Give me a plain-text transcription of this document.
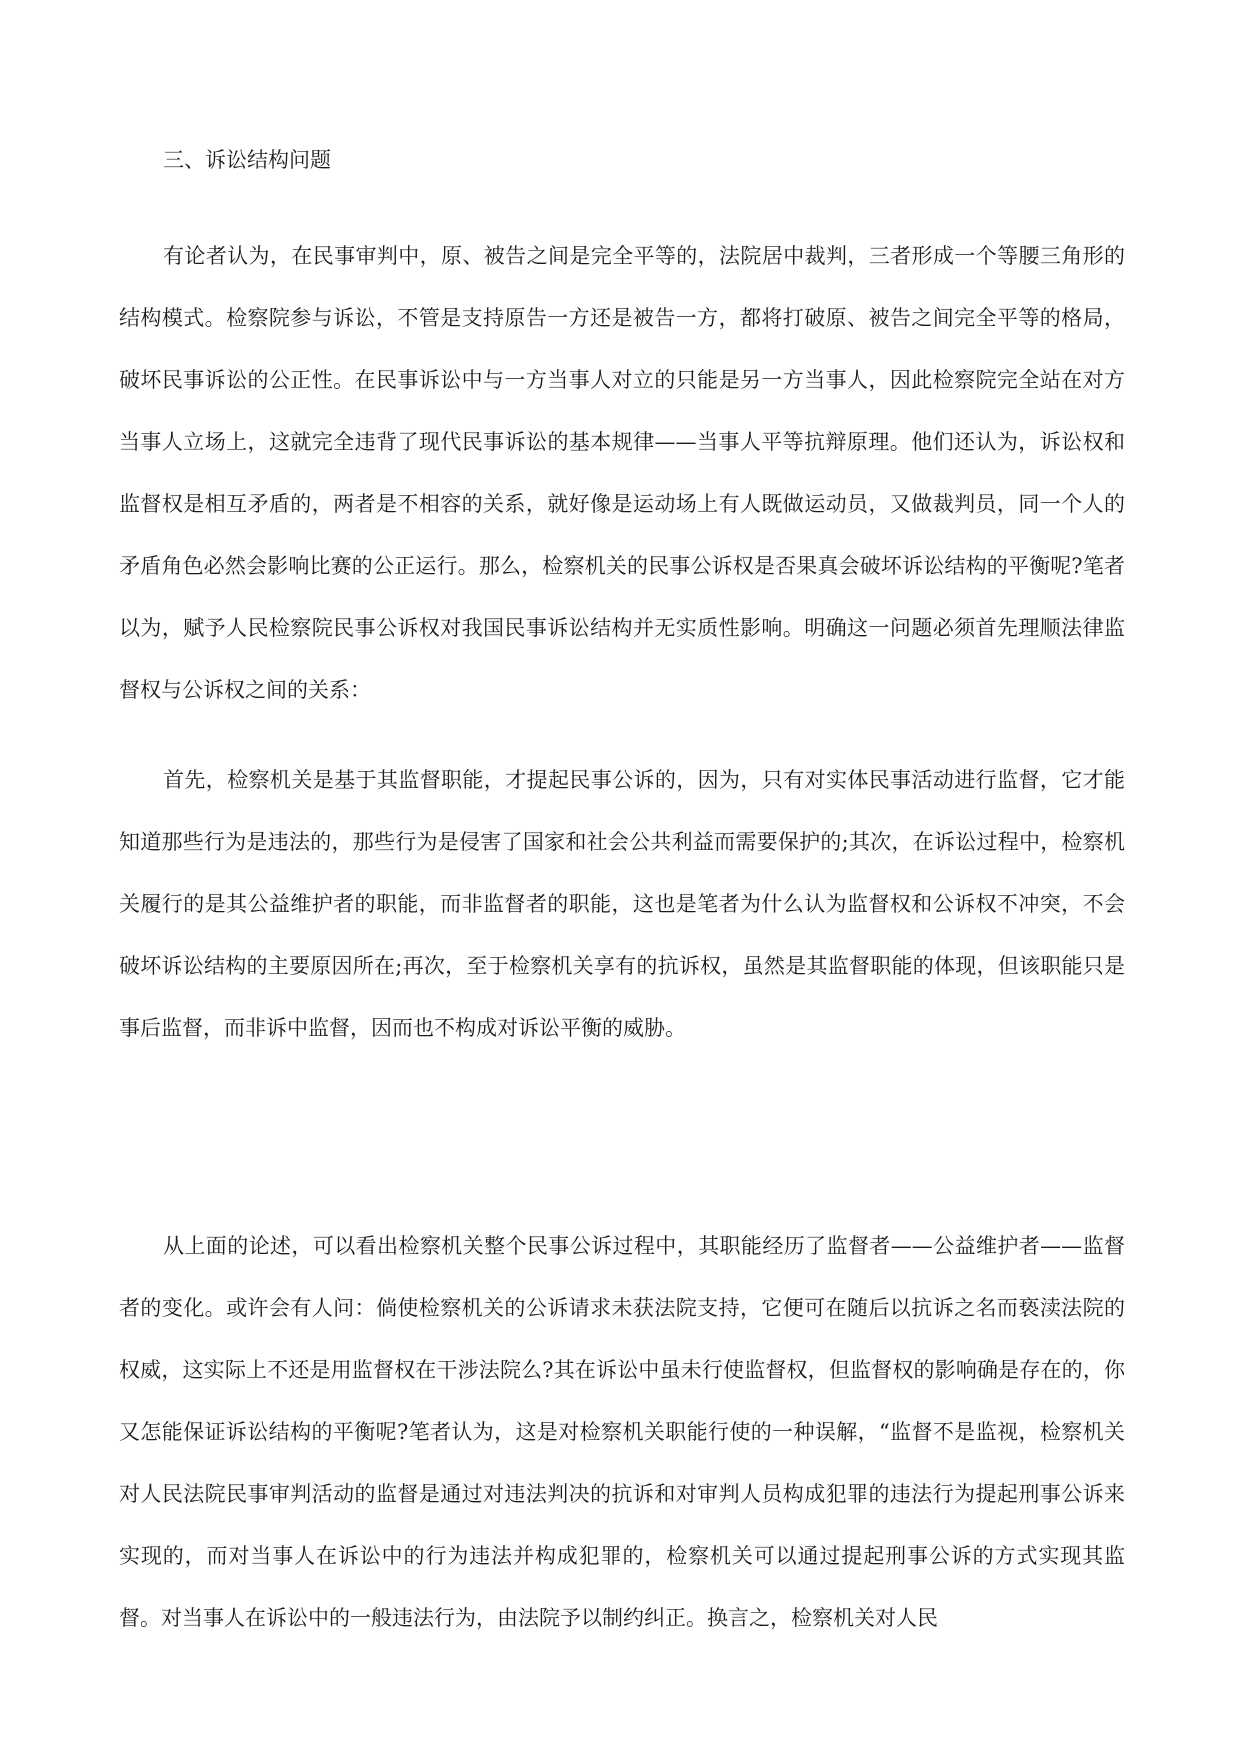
三、诉讼结构问题

有论者认为，在民事审判中，原、被告之间是完全平等的，法院居中裁判，三者形成一个等腰三角形的结构模式。检察院参与诉讼，不管是支持原告一方还是被告一方，都将打破原、被告之间完全平等的格局，破坏民事诉讼的公正性。在民事诉讼中与一方当事人对立的只能是另一方当事人，因此检察院完全站在对方当事人立场上，这就完全违背了现代民事诉讼的基本规律——当事人平等抗辩原理。他们还认为，诉讼权和监督权是相互矛盾的，两者是不相容的关系，就好像是运动场上有人既做运动员，又做裁判员，同一个人的矛盾角色必然会影响比赛的公正运行。那么，检察机关的民事公诉权是否果真会破坏诉讼结构的平衡呢?笔者以为，赋予人民检察院民事公诉权对我国民事诉讼结构并无实质性影响。明确这一问题必须首先理顺法律监督权与公诉权之间的关系：

首先，检察机关是基于其监督职能，才提起民事公诉的，因为，只有对实体民事活动进行监督，它才能知道那些行为是违法的，那些行为是侵害了国家和社会公共利益而需要保护的;其次，在诉讼过程中，检察机关履行的是其公益维护者的职能，而非监督者的职能，这也是笔者为什么认为监督权和公诉权不冲突，不会破坏诉讼结构的主要原因所在;再次，至于检察机关享有的抗诉权，虽然是其监督职能的体现，但该职能只是事后监督，而非诉中监督，因而也不构成对诉讼平衡的威胁。

从上面的论述，可以看出检察机关整个民事公诉过程中，其职能经历了监督者——公益维护者——监督者的变化。或许会有人问：倘使检察机关的公诉请求未获法院支持，它便可在随后以抗诉之名而亵渎法院的权威，这实际上不还是用监督权在干涉法院么?其在诉讼中虽未行使监督权，但监督权的影响确是存在的，你又怎能保证诉讼结构的平衡呢?笔者认为，这是对检察机关职能行使的一种误解，“监督不是监视，检察机关对人民法院民事审判活动的监督是通过对违法判决的抗诉和对审判人员构成犯罪的违法行为提起刑事公诉来实现的，而对当事人在诉讼中的行为违法并构成犯罪的，检察机关可以通过提起刑事公诉的方式实现其监督。对当事人在诉讼中的一般违法行为，由法院予以制约纠正。换言之，检察机关对人民
